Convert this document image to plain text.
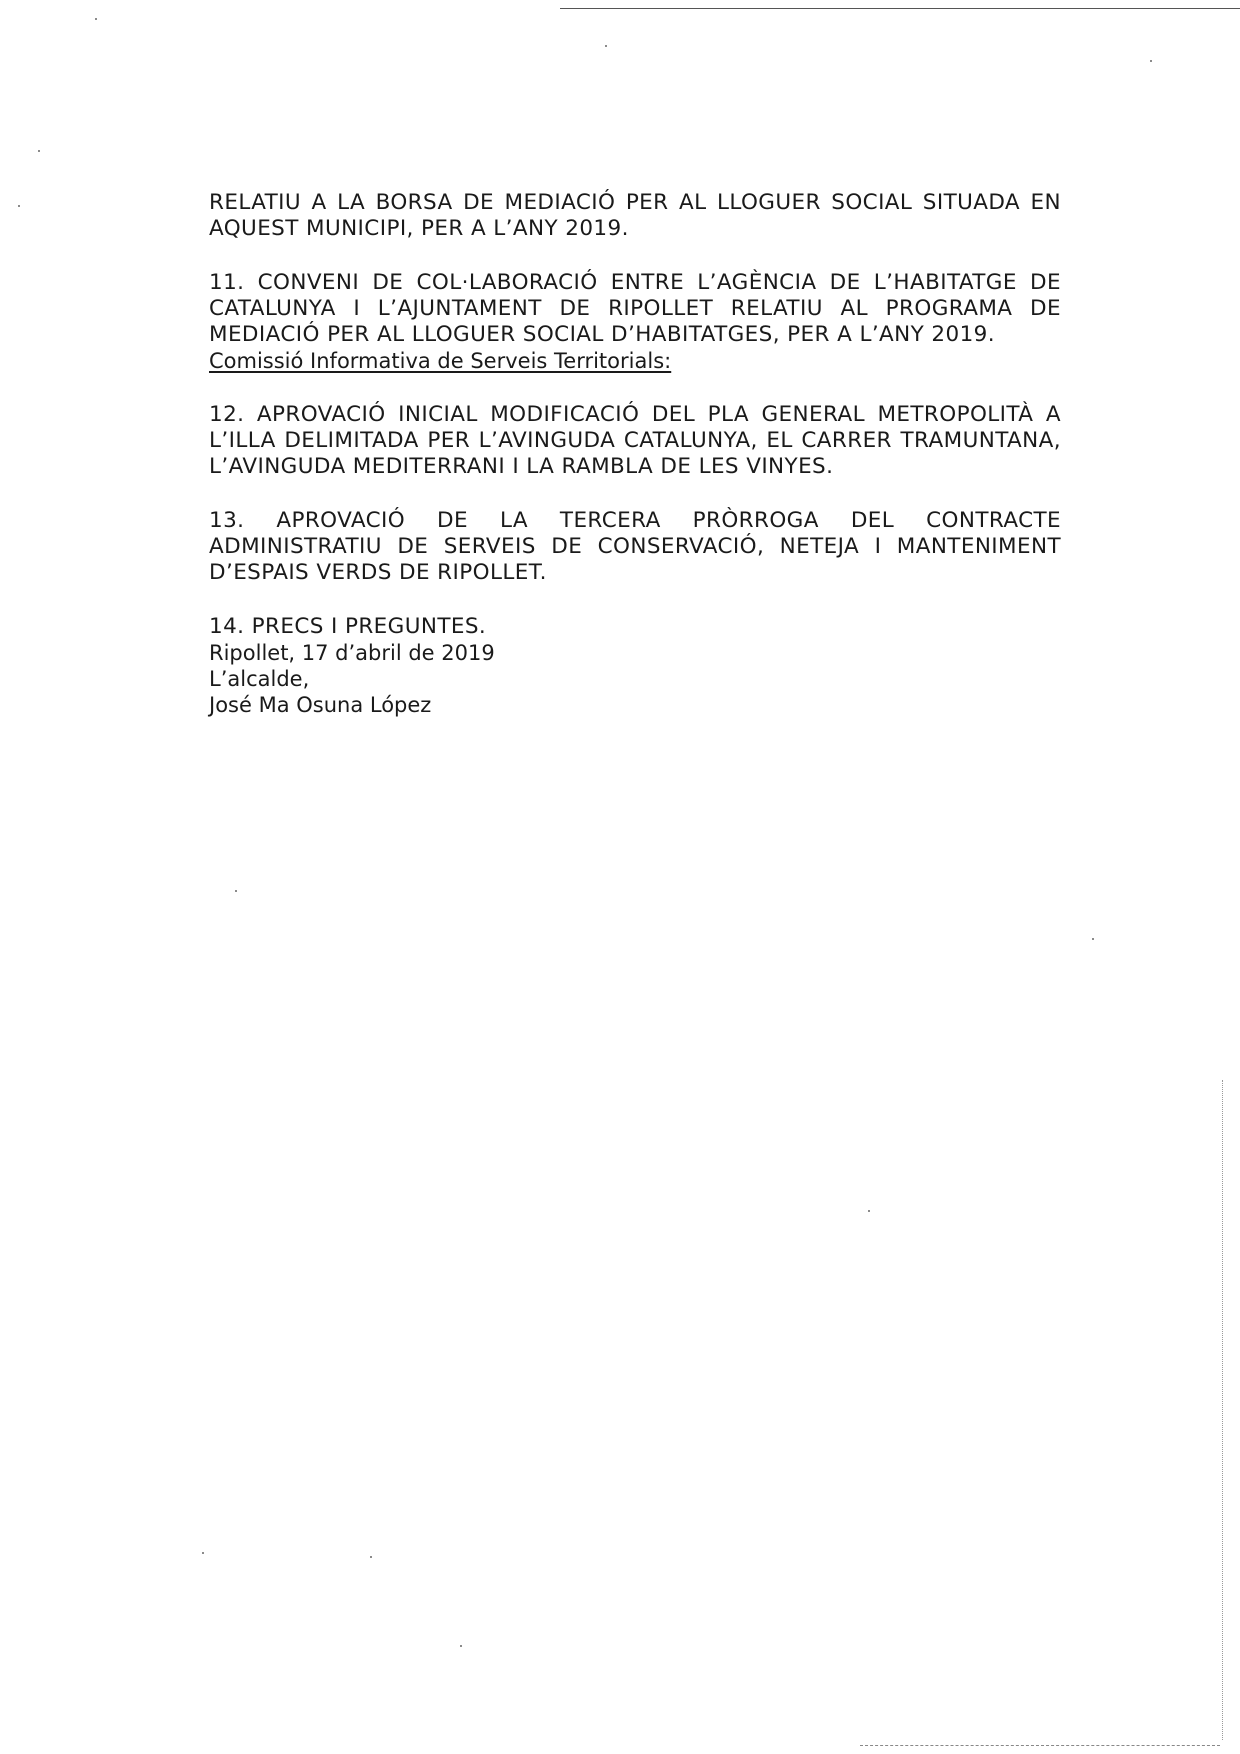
RELATIU A LA BORSA DE MEDIACIÓ PER AL LLOGUER SOCIAL SITUADA EN AQUEST MUNICIPI, PER A L’ANY 2019.

11. CONVENI DE COL·LABORACIÓ ENTRE L’AGÈNCIA DE L’HABITATGE DE CATALUNYA I L’AJUNTAMENT DE RIPOLLET RELATIU AL PROGRAMA DE MEDIACIÓ PER AL LLOGUER SOCIAL D’HABITATGES, PER A L’ANY 2019.

Comissió Informativa de Serveis Territorials:

12. APROVACIÓ INICIAL MODIFICACIÓ DEL PLA GENERAL METROPOLITÀ A L’ILLA DELIMITADA PER L’AVINGUDA CATALUNYA, EL CARRER TRAMUNTANA, L’AVINGUDA MEDITERRANI I LA RAMBLA DE LES VINYES.

13. APROVACIÓ DE LA TERCERA PRÒRROGA DEL CONTRACTE ADMINISTRATIU DE SERVEIS DE CONSERVACIÓ, NETEJA I MANTENIMENT D’ESPAIS VERDS DE RIPOLLET.

14. PRECS I PREGUNTES.

Ripollet, 17 d’abril de 2019

L’alcalde,

José Ma Osuna López
